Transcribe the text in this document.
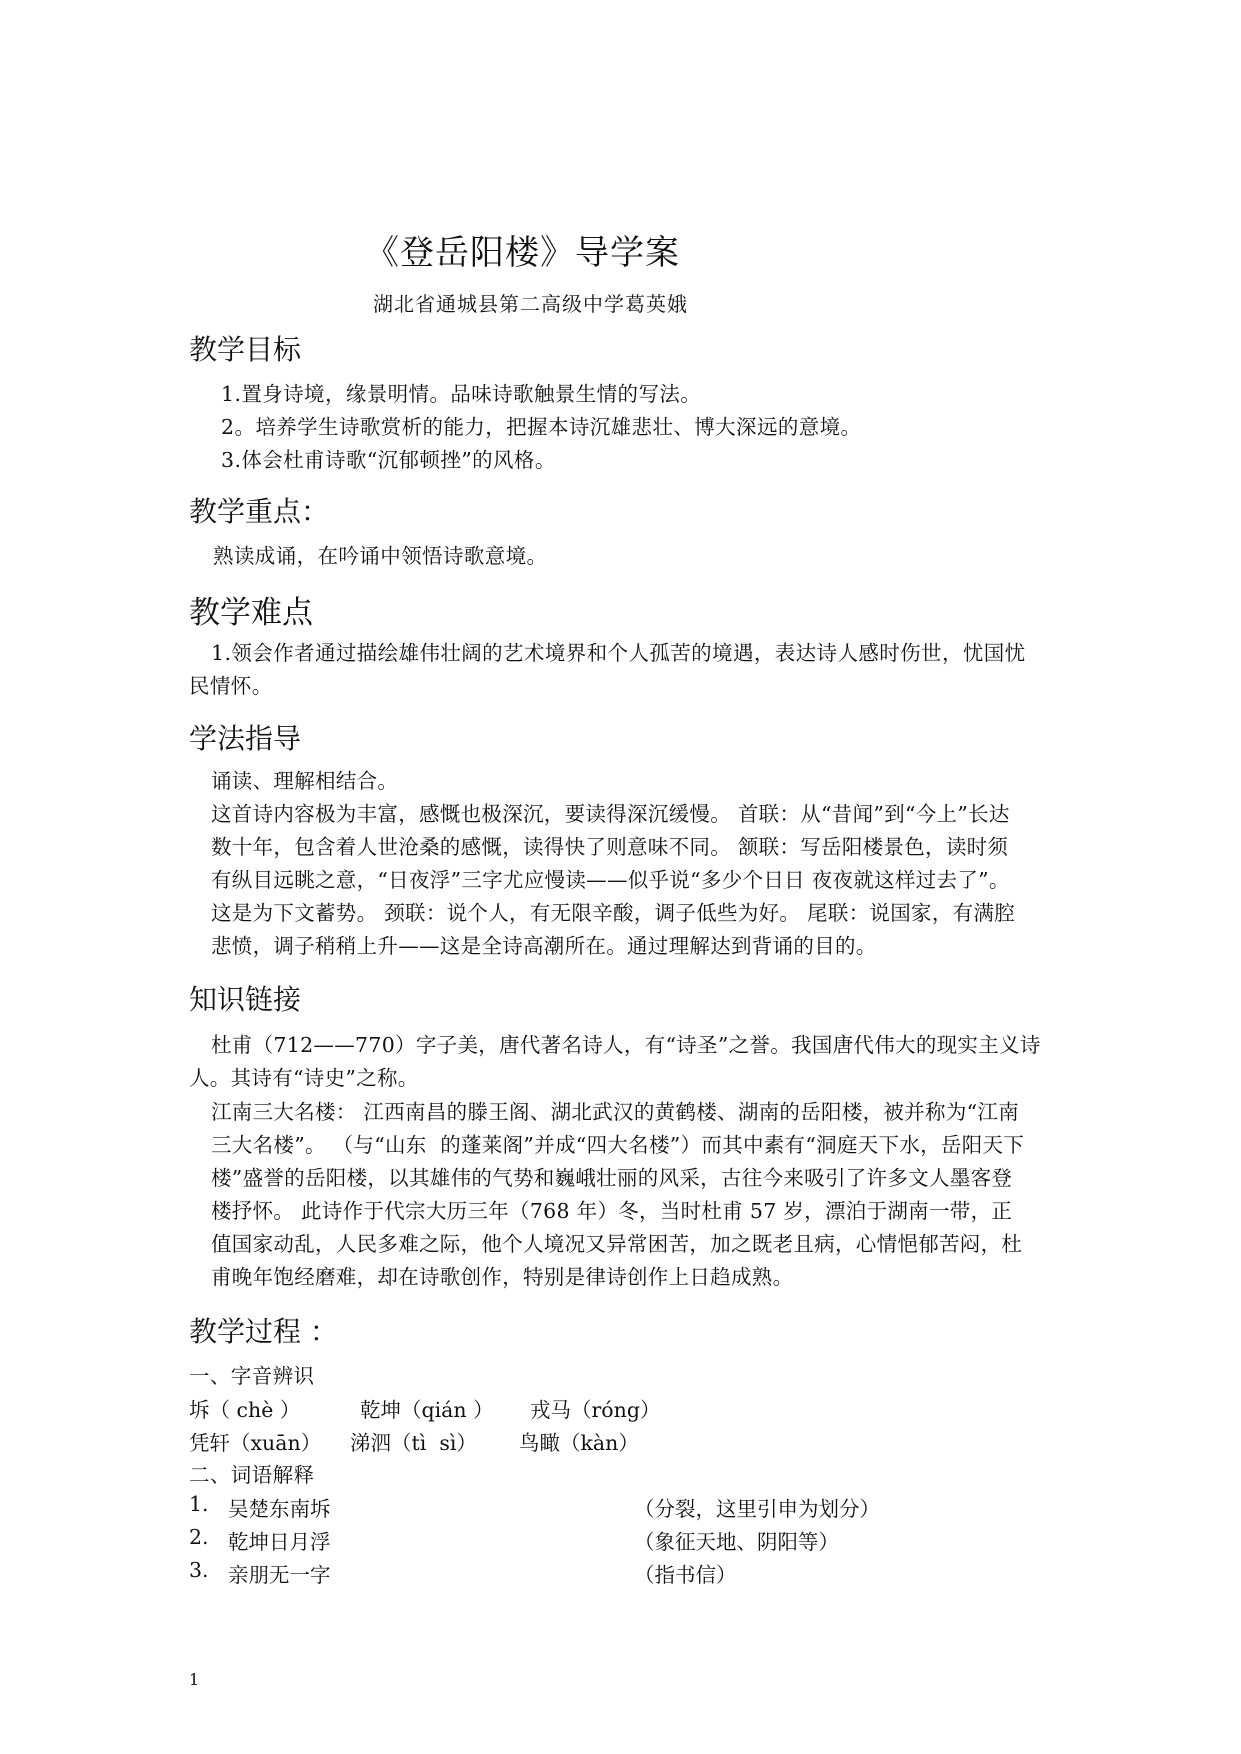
《登岳阳楼》导学案
湖北省通城县第二高级中学葛英娥
教学目标
1.置身诗境，缘景明情。品味诗歌触景生情的写法。
2。培养学生诗歌赏析的能力，把握本诗沉雄悲壮、博大深远的意境。
3.体会杜甫诗歌“沉郁顿挫”的风格。
教学重点：
熟读成诵，在吟诵中领悟诗歌意境。
教学难点
1.领会作者通过描绘雄伟壮阔的艺术境界和个人孤苦的境遇，表达诗人感时伤世，忧国忧
民情怀。
学法指导
诵读、理解相结合。
这首诗内容极为丰富，感慨也极深沉，要读得深沉缓慢。 首联：从“昔闻”到“今上”长达
数十年，包含着人世沧桑的感慨，读得快了则意味不同。 颔联：写岳阳楼景色，读时须
有纵目远眺之意，“日夜浮”三字尤应慢读——似乎说“多少个日日 夜夜就这样过去了”。
这是为下文蓄势。 颈联：说个人，有无限辛酸，调子低些为好。 尾联：说国家，有满腔
悲愤，调子稍稍上升——这是全诗高潮所在。通过理解达到背诵的目的。
知识链接
杜甫（712——770）字子美，唐代著名诗人，有“诗圣”之誉。我国唐代伟大的现实主义诗
人。其诗有“诗史”之称。
江南三大名楼： 江西南昌的滕王阁、湖北武汉的黄鹤楼、湖南的岳阳楼，被并称为“江南
三大名楼”。 （与“山东  的蓬莱阁”并成“四大名楼”）而其中素有“洞庭天下水，岳阳天下
楼”盛誉的岳阳楼，以其雄伟的气势和巍峨壮丽的风采，古往今来吸引了许多文人墨客登
楼抒怀。 此诗作于代宗大历三年（768 年）冬，当时杜甫 57 岁，漂泊于湖南一带，正
值国家动乱，人民多难之际，他个人境况又异常困苦，加之既老且病，心情悒郁苦闷，杜
甫晚年饱经磨难，却在诗歌创作，特别是律诗创作上日趋成熟。
教学过程 ：
一、字音辨识
坼（ chè ）	乾坤（qián ） 戎马（róng）
凭轩（xuān） 涕泗（tì  sì） 鸟瞰（kàn）
二、词语解释
1. 吴楚东南坼	（分裂，这里引申为划分）
2. 乾坤日月浮	（象征天地、阴阳等）
3. 亲朋无一字	（指书信）
1
